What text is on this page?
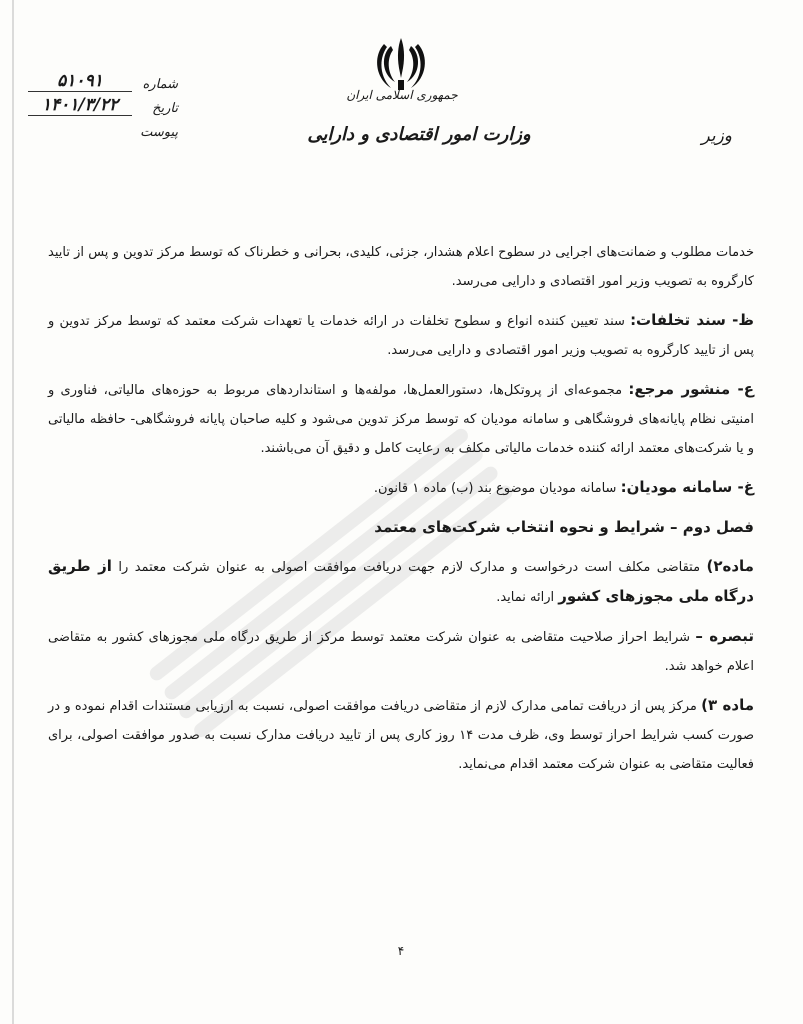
جمهوری اسلامی ایران
وزارت امور اقتصادی و دارایی	وزیر
شماره
۵۱۰۹۱
تاریخ
۱۴۰۱/۳/۲۲
پیوست

خدمات مطلوب و ضمانت‌های اجرایی در سطوح اعلام هشدار، جزئی، کلیدی، بحرانی و خطرناک که توسط مرکز تدوین و پس از تایید کارگروه به تصویب وزیر امور اقتصادی و دارایی می‌رسد.

ظ- سند تخلفات: سند تعیین کننده انواع و سطوح تخلفات در ارائه خدمات یا تعهدات شرکت معتمد که توسط مرکز تدوین و پس از تایید کارگروه به تصویب وزیر امور اقتصادی و دارایی می‌رسد.

ع- منشور مرجع: مجموعه‌ای از پروتکل‌ها، دستورالعمل‌ها، مولفه‌ها و استانداردهای مربوط به حوزه‌های مالیاتی، فناوری و امنیتی نظام پایانه‌های فروشگاهی و سامانه مودیان که توسط مرکز تدوین می‌شود و کلیه صاحبان پایانه فروشگاهی- حافظه مالیاتی و یا شرکت‌های معتمد ارائه کننده خدمات مالیاتی مکلف به رعایت کامل و دقیق آن می‌باشند.

غ- سامانه مودیان: سامانه مودیان موضوع بند (ب) ماده ۱ قانون.

فصل دوم – شرایط و نحوه انتخاب شرکت‌های معتمد

ماده۲) متقاضی مکلف است درخواست و مدارک لازم جهت دریافت موافقت اصولی به عنوان شرکت معتمد را از طریق درگاه ملی مجوزهای کشور ارائه نماید.

تبصره – شرایط احراز صلاحیت متقاضی به عنوان شرکت معتمد توسط مرکز از طریق درگاه ملی مجوزهای کشور به متقاضی اعلام خواهد شد.

ماده ۳) مرکز پس از دریافت تمامی مدارک لازم از متقاضی دریافت موافقت اصولی، نسبت به ارزیابی مستندات اقدام نموده و در صورت کسب شرایط احراز توسط وی، ظرف مدت ۱۴ روز کاری پس از تایید دریافت مدارک نسبت به صدور موافقت اصولی، برای فعالیت متقاضی به عنوان شرکت معتمد اقدام می‌نماید.

۴
